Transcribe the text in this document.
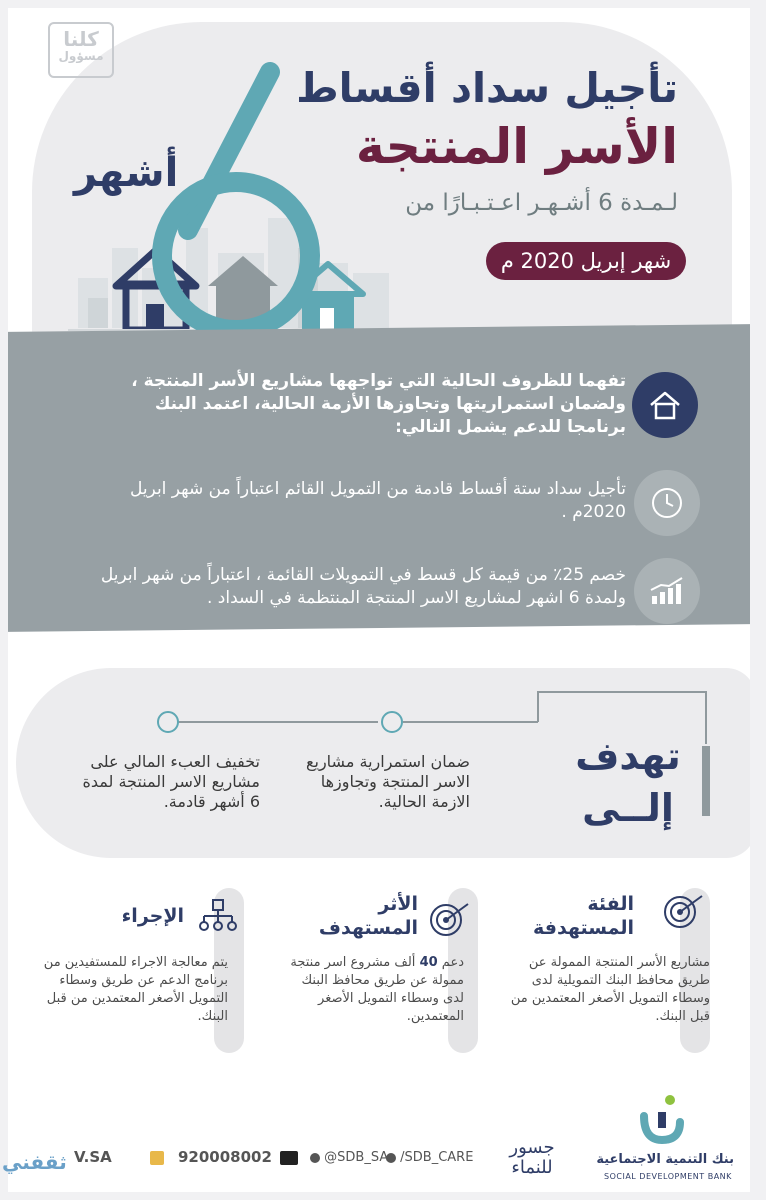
كلنا
مسؤول
أشهر
تأجيل سداد أقساط
الأسر المنتجة
لـمـدة 6 أشـهـر اعـتـبـارًا من
شهر إبريل 2020 م
تفهما للظروف الحالية التي تواجهها مشاريع الأسر المنتجة ، ولضمان استمراريتها وتجاوزها الأزمة الحالية، اعتمد البنك برنامجا للدعم يشمل التالي:
تأجيل سداد ستة أقساط قادمة من التمويل القائم اعتباراً من شهر ابريل 2020م .
خصم 25٪ من قيمة كل قسط في التمويلات القائمة ، اعتباراً من شهر ابريل ولمدة 6 اشهر لمشاريع الاسر المنتجة المنتظمة في السداد .
تهدف
إلــى
ضمان استمرارية مشاريع الاسر المنتجة وتجاوزها الازمة الحالية.
تخفيف العبء المالي على مشاريع الاسر المنتجة لمدة 6 أشهر قادمة.
الفئة
المستهدفة
مشاريع الأسر المنتجة الممولة عن طريق محافظ البنك التمويلية لدى وسطاء التمويل الأصغر المعتمدين من قبل البنك.
الأثر
المستهدف
دعم 40 ألف مشروع اسر منتجة ممولة عن طريق محافظ البنك لدى وسطاء التمويل الأصغر المعتمدين.
الإجراء
يتم معالجة الاجراء للمستفيدين من برنامج الدعم عن طريق وسطاء التمويل الأصغر المعتمدين من قبل البنك.
بنك التنمية الاجتماعية
SOCIAL DEVELOPMENT BANK
جسور
للنماء
/SDB_CARE
@SDB_SA
920008002
V.SA
ثقفني
